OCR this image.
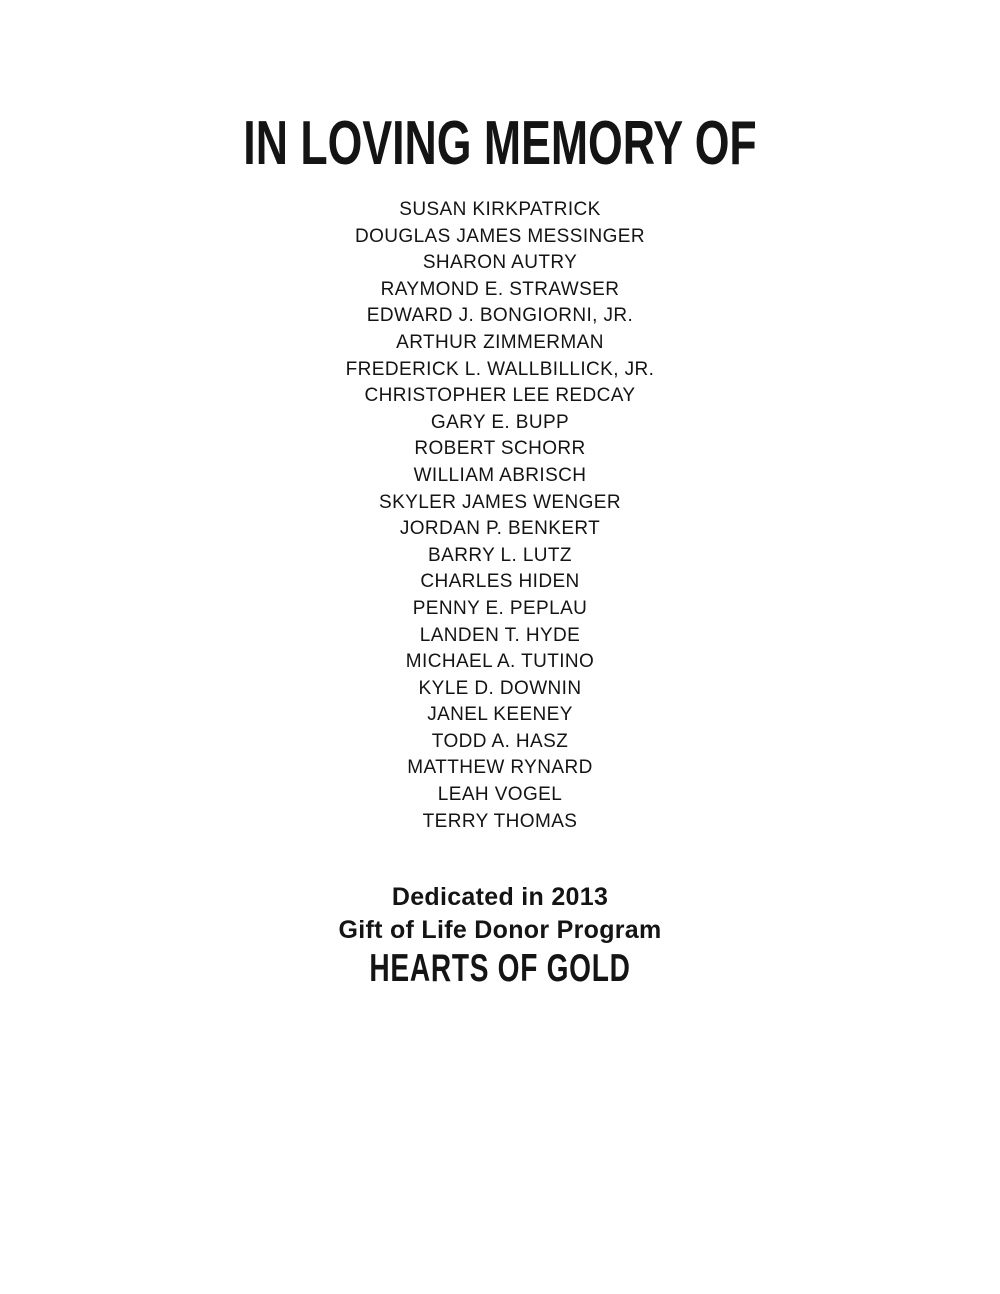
IN LOVING MEMORY OF
SUSAN KIRKPATRICK
DOUGLAS JAMES MESSINGER
SHARON AUTRY
RAYMOND E. STRAWSER
EDWARD J. BONGIORNI, JR.
ARTHUR ZIMMERMAN
FREDERICK L. WALLBILLICK, JR.
CHRISTOPHER LEE REDCAY
GARY E. BUPP
ROBERT SCHORR
WILLIAM ABRISCH
SKYLER JAMES WENGER
JORDAN P. BENKERT
BARRY L. LUTZ
CHARLES HIDEN
PENNY E. PEPLAU
LANDEN T. HYDE
MICHAEL A. TUTINO
KYLE D. DOWNIN
JANEL KEENEY
TODD A. HASZ
MATTHEW RYNARD
LEAH VOGEL
TERRY THOMAS
Dedicated in 2013
Gift of Life Donor Program
HEARTS OF GOLD
